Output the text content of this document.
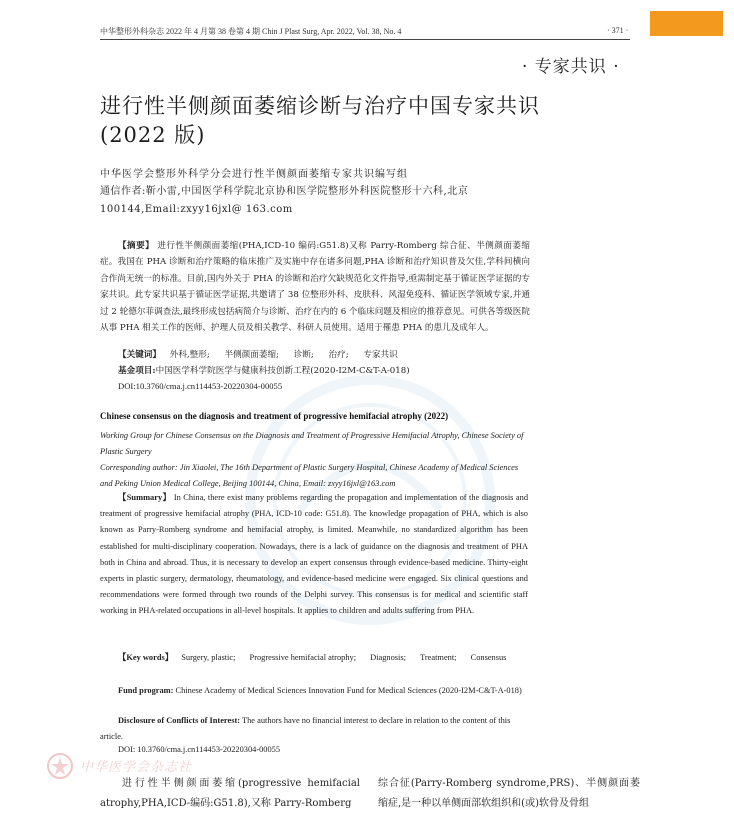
中华整形外科杂志 2022 年 4 月第 38 卷第 4 期 Chin J Plast Surg, Apr. 2022, Vol. 38, No. 4	· 371 ·
· 专家共识 ·
进行性半侧颜面萎缩诊断与治疗中国专家共识(2022 版)
中华医学会整形外科学分会进行性半侧颜面萎缩专家共识编写组
通信作者:靳小雷,中国医学科学院北京协和医学院整形外科医院整形十六科,北京 100144,Email:zxyy16jxl@ 163.com
【摘要】 进行性半侧颜面萎缩(PHA,ICD-10 编码:G51.8)又称 Parry-Romberg 综合征、半侧颜面萎缩症。我国在 PHA 诊断和治疗策略的临床推广及实施中存在诸多问题,PHA 诊断和治疗知识普及欠佳,学科间横向合作尚无统一的标准。目前,国内外关于 PHA 的诊断和治疗欠缺规范化文件指导,亟需制定基于循证医学证据的专家共识。此专家共识基于循证医学证据,共邀请了 38 位整形外科、皮肤科、风湿免疫科、循证医学领域专家,并通过 2 轮德尔菲调查法,最终形成包括病简介与诊断、治疗在内的 6 个临床问题及相应的推荐意见。可供各等级医院从事 PHA 相关工作的医师、护理人员及相关教学、科研人员使用。适用于罹患 PHA 的患儿及成年人。
【关键词】 外科,整形; 半侧颜面萎缩; 诊断; 治疗; 专家共识
基金项目:中国医学科学院医学与健康科技创新工程(2020-I2M-C&T-A-018)
DOI:10.3760/cma.j.cn114453-20220304-00055
Chinese consensus on the diagnosis and treatment of progressive hemifacial atrophy (2022)
Working Group for Chinese Consensus on the Diagnosis and Treatment of Progressive Hemifacial Atrophy, Chinese Society of Plastic Surgery
Corresponding author: Jin Xiaolei, The 16th Department of Plastic Surgery Hospital, Chinese Academy of Medical Sciences and Peking Union Medical College, Beijing 100144, China, Email: zxyy16jxl@163.com
【Summary】 In China, there exist many problems regarding the propagation and implementation of the diagnosis and treatment of progressive hemifacial atrophy (PHA, ICD-10 code: G51.8). The knowledge propagation of PHA, which is also known as Parry-Romberg syndrome and hemifacial atrophy, is limited. Meanwhile, no standardized algorithm has been established for multi-disciplinary cooperation. Nowadays, there is a lack of guidance on the diagnosis and treatment of PHA both in China and abroad. Thus, it is necessary to develop an expert consensus through evidence-based medicine. Thirty-eight experts in plastic surgery, dermatology, rheumatology, and evidence-based medicine were engaged. Six clinical questions and recommendations were formed through two rounds of the Delphi survey. This consensus is for medical and scientific staff working in PHA-related occupations in all-level hospitals. It applies to children and adults suffering from PHA.
【Key words】 Surgery, plastic; Progressive hemifacial atrophy; Diagnosis; Treatment; Consensus
Fund program: Chinese Academy of Medical Sciences Innovation Fund for Medical Sciences (2020-I2M-C&T-A-018)
Disclosure of Conflicts of Interest: The authors have no financial interest to declare in relation to the content of this article.
DOI: 10.3760/cma.j.cn114453-20220304-00055
中华医学会杂志社
进行性半侧颜面萎缩(progressive hemifacial atrophy,PHA,ICD-编码:G51.8),又称 Parry-Romberg
综合征(Parry-Romberg syndrome,PRS)、半侧颜面萎缩症,是一种以单侧面部软组织和(或)软骨及骨组
